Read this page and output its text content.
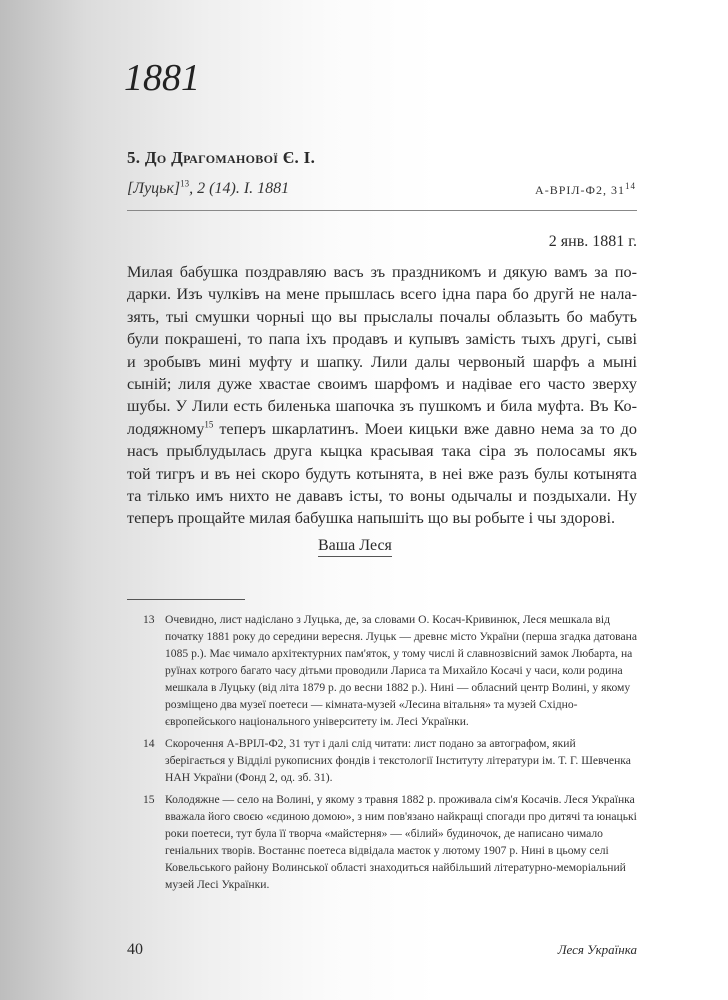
1881
5. До Драгоманової Є. І.
[Луцьк]$^{13}$, 2 (14). I. 1881	А-ВРІЛ-Ф2, $31^{14}$
2 янв. 1881 г.
Милая бабушка поздравляю васъ зъ праздникомъ и дякую вамъ за по-
дарки. Изъ чулківъ на мене прышлась всего ідна пара бо другй не нала-
зять, тыі смушки чорныі що вы прыслалы почалы облазыть бо мабуть
були покрашені, то папа іхъ продавъ и купывъ замість тыхъ другі, сыві
и зробывъ мині муфту и шапку. Лили далы червоный шарфъ а мыні
сыній; лиля дуже хвастае своимъ шарфомъ и надівае его часто зверху
шубы. У Лили есть биленька шапочка зъ пушкомъ и била муфта. Въ Ко-
лодяжному$^{15}$ теперъ шкарлатинъ. Моеи кицьки вже давно нема за то до
насъ прыблудылась друга кыцка красывая така сіра зъ полосамы якъ
той тигръ и въ неі скоро будуть котынята, в неі вже разъ булы котынята
та тілько имъ нихто не дававъ істы, то воны одычалы и поздыхали. Ну
теперъ прощайте милая бабушка напышіть що вы робыте і чы здорові.
Ваша Леся
13 Очевидно, лист надіслано з Луцька, де, за словами О. Косач-Кривинюк, Леся мешкала від початку 1881 року до середини вересня. Луцьк — древнє місто України (перша згадка датована 1085 р.). Має чимало архітектурних пам'яток, у тому числі й славнозвісний замок Любарта, на руїнах котрого багато часу дітьми проводили Лариса та Михайло Косачі у часи, коли родина мешкала в Луцьку (від літа 1879 р. до весни 1882 р.). Нині — обласний центр Волині, у якому розміщено два музеї поетеси — кімната-музей «Лесина вітальня» та музей Східно-європейського національного університету ім. Лесі Українки.
14 Скорочення А-ВРІЛ-Ф2, 31 тут і далі слід читати: лист подано за автографом, який зберігається у Відділі рукописних фондів і текстології Інституту літератури ім. Т. Г. Шевченка НАН України (Фонд 2, од. зб. 31).
15 Колодяжне — село на Волині, у якому з травня 1882 р. проживала сім'я Косачів. Леся Українка вважала його своєю «єдиною домою», з ним пов'язано найкращі спогади про дитячі та юнацькі роки поетеси, тут була її творча «майстерня» — «білий» будиночок, де написано чимало геніальних творів. Востаннє поетеса відвідала маєток у лютому 1907 р. Нині в цьому селі Ковельського району Волинської області знаходиться найбільший літературно-меморіальний музей Лесі Українки.
40	Леся Українка
